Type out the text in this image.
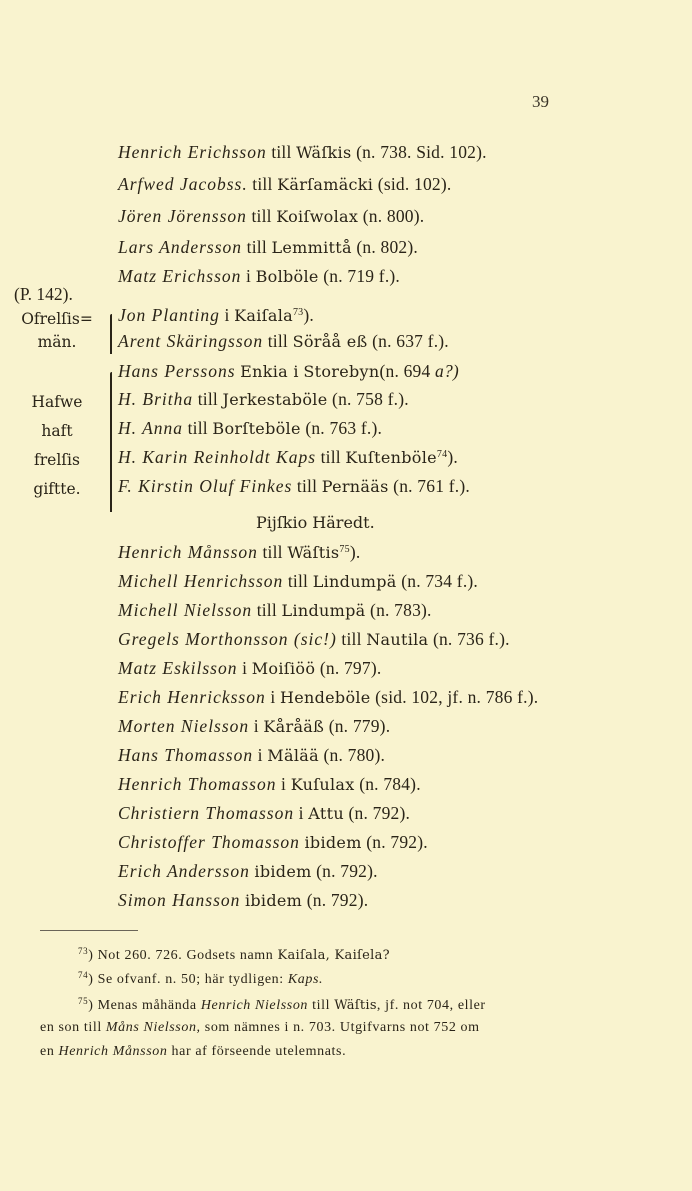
39
Henrich Erichsson till Wäſkis (n. 738. Sid. 102).
Arfwed Jacobss. till Kärſamäcki (sid. 102).
Jören Jörensson till Koiſwolax (n. 800).
Lars Andersson till Lemmittå (n. 802).
Matz Erichsson i Bolböle (n. 719 f.).
(P. 142).
Ofrelſis=
män.
Jon Planting i Kaiſala$^{73}$).
Arent Skäringsson till Söråå eß (n. 637 f.).
Hafwe
haft
frelſis
giftte.
Hans Perssons Enkia i Storebyn(n. 694 a?)
H. Britha till Jerkestaböle (n. 758 f.).
H. Anna till Borſteböle (n. 763 f.).
H. Karin Reinholdt Kaps till Kuſtenböle$^{74}$).
F. Kirstin Oluf Finkes till Pernääs (n. 761 f.).
Pijſkio Häredt.
Henrich Månsson till Wäſtis$^{75}$).
Michell Henrichsson till Lindumpä (n. 734 f.).
Michell Nielsson till Lindumpä (n. 783).
Gregels Morthonsson (sic!) till Nautila (n. 736 f.).
Matz Eskilsson i Moiſiöö (n. 797).
Erich Henricksson i Hendeböle (sid. 102, jf. n. 786 f.).
Morten Nielsson i Kåråäß (n. 779).
Hans Thomasson i Mälää (n. 780).
Henrich Thomasson i Kuſulax (n. 784).
Christiern Thomasson i Attu (n. 792).
Christoffer Thomasson ibidem (n. 792).
Erich Andersson ibidem (n. 792).
Simon Hansson ibidem (n. 792).
$^{73}$) Not 260. 726. Godsets namn Kaiſala, Kaiſela?
$^{74}$) Se ofvanf. n. 50; här tydligen: Kaps.
$^{75}$) Menas måhända Henrich Nielsson till Wäſtis, jf. not 704, eller
en son till Måns Nielsson, som nämnes i n. 703. Utgifvarns not 752 om
en Henrich Månsson har af förseende utelemnats.
